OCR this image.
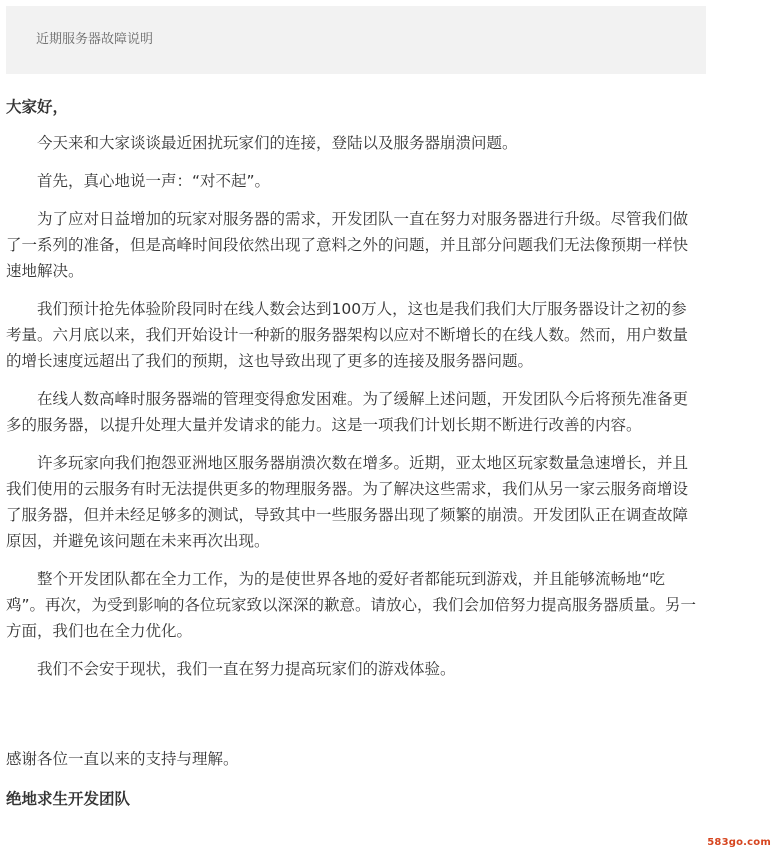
近期服务器故障说明

大家好，

今天来和大家谈谈最近困扰玩家们的连接，登陆以及服务器崩溃问题。

首先，真心地说一声：“对不起”。

为了应对日益增加的玩家对服务器的需求，开发团队一直在努力对服务器进行升级。尽管我们做了一系列的准备，但是高峰时间段依然出现了意料之外的问题，并且部分问题我们无法像预期一样快速地解决。

我们预计抢先体验阶段同时在线人数会达到100万人，这也是我们我们大厅服务器设计之初的参考量。六月底以来，我们开始设计一种新的服务器架构以应对不断增长的在线人数。然而，用户数量的增长速度远超出了我们的预期，这也导致出现了更多的连接及服务器问题。

在线人数高峰时服务器端的管理变得愈发困难。为了缓解上述问题，开发团队今后将预先准备更多的服务器，以提升处理大量并发请求的能力。这是一项我们计划长期不断进行改善的内容。

许多玩家向我们抱怨亚洲地区服务器崩溃次数在增多。近期，亚太地区玩家数量急速增长，并且我们使用的云服务有时无法提供更多的物理服务器。为了解决这些需求，我们从另一家云服务商增设了服务器，但并未经足够多的测试，导致其中一些服务器出现了频繁的崩溃。开发团队正在调查故障原因，并避免该问题在未来再次出现。

整个开发团队都在全力工作，为的是使世界各地的爱好者都能玩到游戏，并且能够流畅地“吃鸡”。再次，为受到影响的各位玩家致以深深的歉意。请放心，我们会加倍努力提高服务器质量。另一方面，我们也在全力优化。

我们不会安于现状，我们一直在努力提高玩家们的游戏体验。

感谢各位一直以来的支持与理解。

绝地求生开发团队

583go.com
